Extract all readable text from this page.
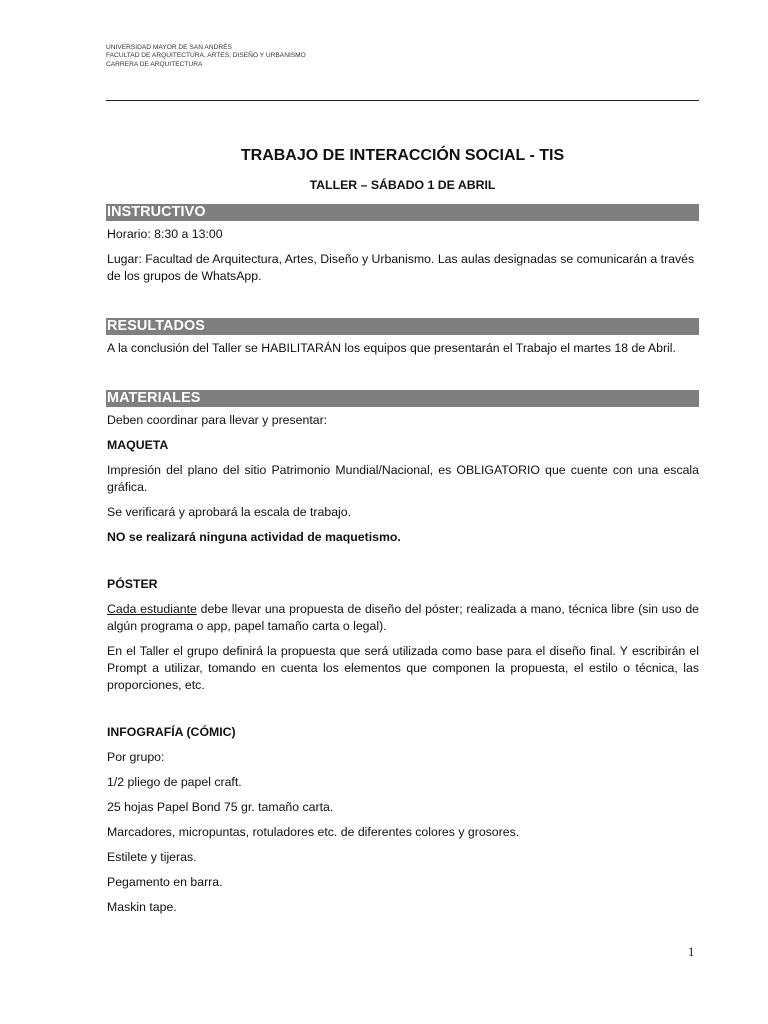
UNIVERSIDAD MAYOR DE SAN ANDRÉS
FACULTAD DE ARQUITECTURA, ARTES, DISEÑO Y URBANISMO
CARRERA DE ARQUITECTURA
TRABAJO DE INTERACCIÓN SOCIAL - TIS
TALLER – SÁBADO 1 DE ABRIL
INSTRUCTIVO

Horario: 8:30 a 13:00

Lugar: Facultad de Arquitectura, Artes, Diseño y Urbanismo. Las aulas designadas se comunicarán a través de los grupos de WhatsApp.

RESULTADOS

A la conclusión del Taller se HABILITARÁN los equipos que presentarán el Trabajo el martes 18 de Abril.

MATERIALES

Deben coordinar para llevar y presentar:

MAQUETA

Impresión del plano del sitio Patrimonio Mundial/Nacional, es OBLIGATORIO que cuente con una escala gráfica.

Se verificará y aprobará la escala de trabajo.

NO se realizará ninguna actividad de maquetismo.

PÓSTER

Cada estudiante debe llevar una propuesta de diseño del póster; realizada a mano, técnica libre (sin uso de algún programa o app, papel tamaño carta o legal).

En el Taller el grupo definirá la propuesta que será utilizada como base para el diseño final. Y escribirán el Prompt a utilizar, tomando en cuenta los elementos que componen la propuesta, el estilo o técnica, las proporciones, etc.

INFOGRAFÍA (CÓMIC)

Por grupo:

1/2 pliego de papel craft.

25 hojas Papel Bond 75 gr. tamaño carta.

Marcadores, micropuntas, rotuladores etc. de diferentes colores y grosores.

Estilete y tijeras.

Pegamento en barra.

Maskin tape.

1
